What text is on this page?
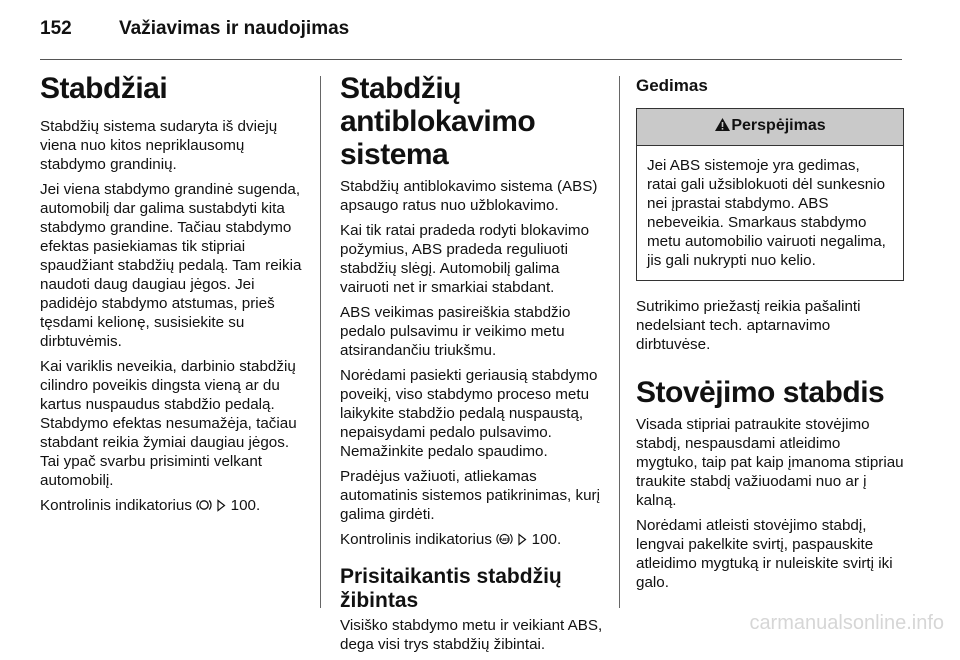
152 Važiavimas ir naudojimas
Stabdžiai

Stabdžių sistema sudaryta iš dviejų viena nuo kitos nepriklausomų stabdymo grandinių.

Jei viena stabdymo grandinė sugenda, automobilį dar galima sustabdyti kita stabdymo grandine. Tačiau stabdymo efektas pasiekiamas tik stipriai spaudžiant stabdžių pedalą. Tam reikia naudoti daug daugiau jėgos. Jei padidėjo stabdymo atstumas, prieš tęsdami kelionę, susisiekite su dirbtuvėmis.

Kai variklis neveikia, darbinio stabdžių cilindro poveikis dingsta vieną ar du kartus nuspaudus stabdžio pedalą. Stabdymo efektas nesumažėja, tačiau stabdant reikia žymiai daugiau jėgos. Tai ypač svarbu prisiminti velkant automobilį.

Kontrolinis indikatorius	100.

Stabdžių antiblokavimo sistema

Stabdžių antiblokavimo sistema (ABS) apsaugo ratus nuo užblokavimo.

Kai tik ratai pradeda rodyti blokavimo požymius, ABS pradeda reguliuoti stabdžių slėgį. Automobilį galima vairuoti net ir smarkiai stabdant.

ABS veikimas pasireiškia stabdžio pedalo pulsavimu ir veikimo metu atsirandančiu triukšmu.

Norėdami pasiekti geriausią stabdymo poveikį, viso stabdymo proceso metu laikykite stabdžio pedalą nuspaustą, nepaisydami pedalo pulsavimo. Nemažinkite pedalo spaudimo.

Pradėjus važiuoti, atliekamas automatinis sistemos patikrinimas, kurį galima girdėti.

Kontrolinis indikatorius ABS 100.

Prisitaikantis stabdžių žibintas

Visiško stabdymo metu ir veikiant ABS, dega visi trys stabdžių žibintai.

Gedimas
Perspėjimas

Jei ABS sistemoje yra gedimas, ratai gali užsiblokuoti dėl sunkesnio nei įprastai stabdymo. ABS nebeveikia. Smarkaus stabdymo metu automobilio vairuoti negalima, jis gali nukrypti nuo kelio.

Sutrikimo priežastį reikia pašalinti nedelsiant tech. aptarnavimo dirbtuvėse.

Stovėjimo stabdis

Visada stipriai patraukite stovėjimo stabdį, nespausdami atleidimo mygtuko, taip pat kaip įmanoma stipriau traukite stabdį važiuodami nuo ar į kalną.

Norėdami atleisti stovėjimo stabdį, lengvai pakelkite svirtį, paspauskite atleidimo mygtuką ir nuleiskite svirtį iki galo.

carmanualsonline.info
